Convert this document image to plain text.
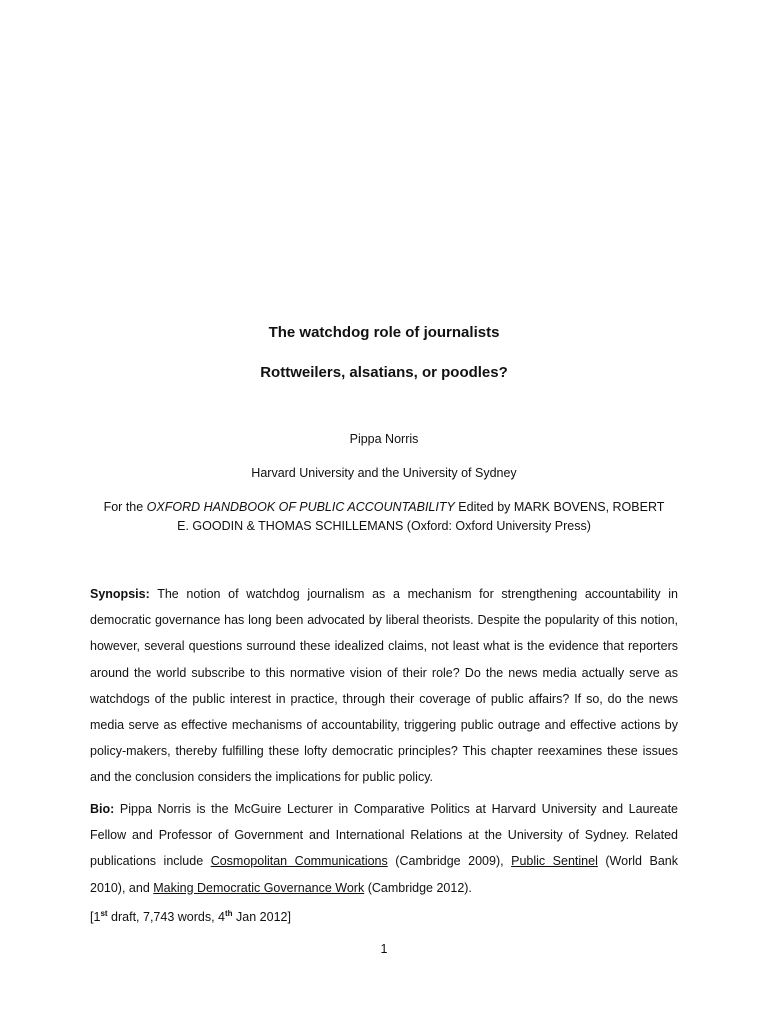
The watchdog role of journalists
Rottweilers, alsatians, or poodles?

Pippa Norris

Harvard University and the University of Sydney

For the OXFORD HANDBOOK OF PUBLIC ACCOUNTABILITY Edited by MARK BOVENS, ROBERT E. GOODIN & THOMAS SCHILLEMANS (Oxford: Oxford University Press)

Synopsis: The notion of watchdog journalism as a mechanism for strengthening accountability in democratic governance has long been advocated by liberal theorists. Despite the popularity of this notion, however, several questions surround these idealized claims, not least what is the evidence that reporters around the world subscribe to this normative vision of their role? Do the news media actually serve as watchdogs of the public interest in practice, through their coverage of public affairs? If so, do the news media serve as effective mechanisms of accountability, triggering public outrage and effective actions by policy-makers, thereby fulfilling these lofty democratic principles? This chapter reexamines these issues and the conclusion considers the implications for public policy.

Bio: Pippa Norris is the McGuire Lecturer in Comparative Politics at Harvard University and Laureate Fellow and Professor of Government and International Relations at the University of Sydney. Related publications include Cosmopolitan Communications (Cambridge 2009), Public Sentinel (World Bank 2010), and Making Democratic Governance Work (Cambridge 2012).

[1st draft, 7,743 words, 4th Jan 2012]

1
